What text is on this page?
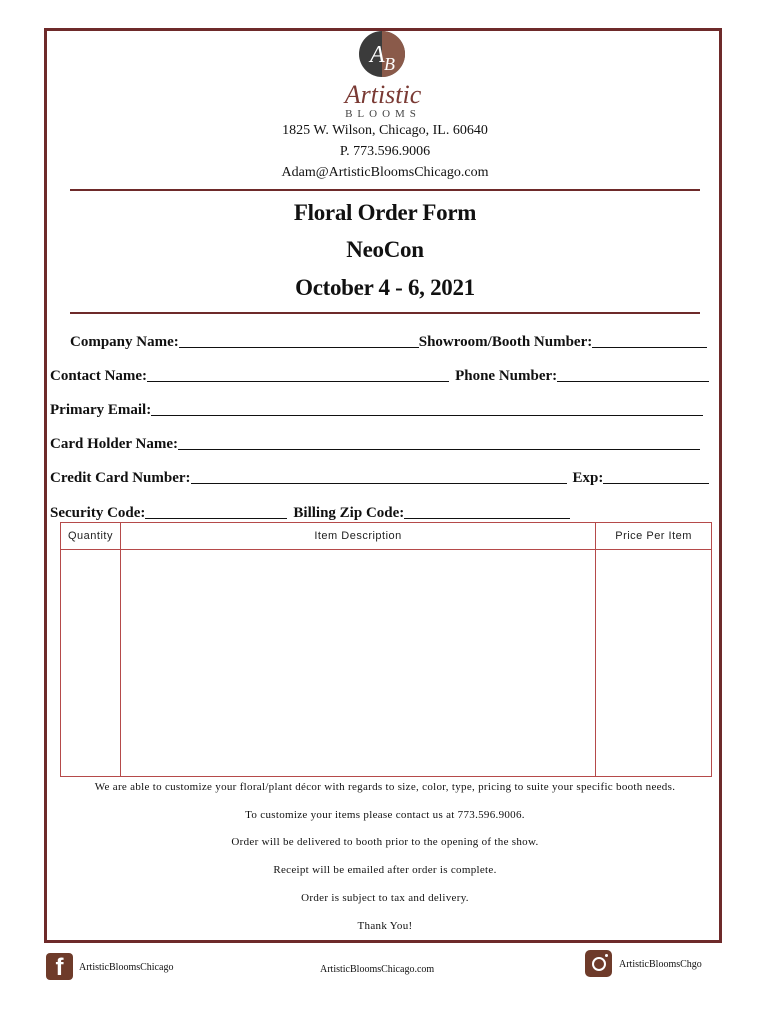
A B
Artistic
BLOOMS
1825 W. Wilson, Chicago, IL. 60640
P. 773.596.9006
Adam@ArtisticBloomsChicago.com
Floral Order Form
NeoCon
October 4 - 6, 2021
Company Name:	Showroom/Booth Number:
Contact Name:	Phone Number:
Primary Email:
Card Holder Name:
Credit Card Number:	Exp:
Security Code:	Billing Zip Code:
Quantity	Item Description	Price Per Item

We are able to customize your floral/plant décor with regards to size, color, type, pricing to suite your specific booth needs.
To customize your items please contact us at 773.596.9006.
Order will be delivered to booth prior to the opening of the show.
Receipt will be emailed after order is complete.
Order is subject to tax and delivery.
Thank You!
f	ArtisticBloomsChicago	ArtisticBloomsChicago.com	ArtisticBloomsChgo
